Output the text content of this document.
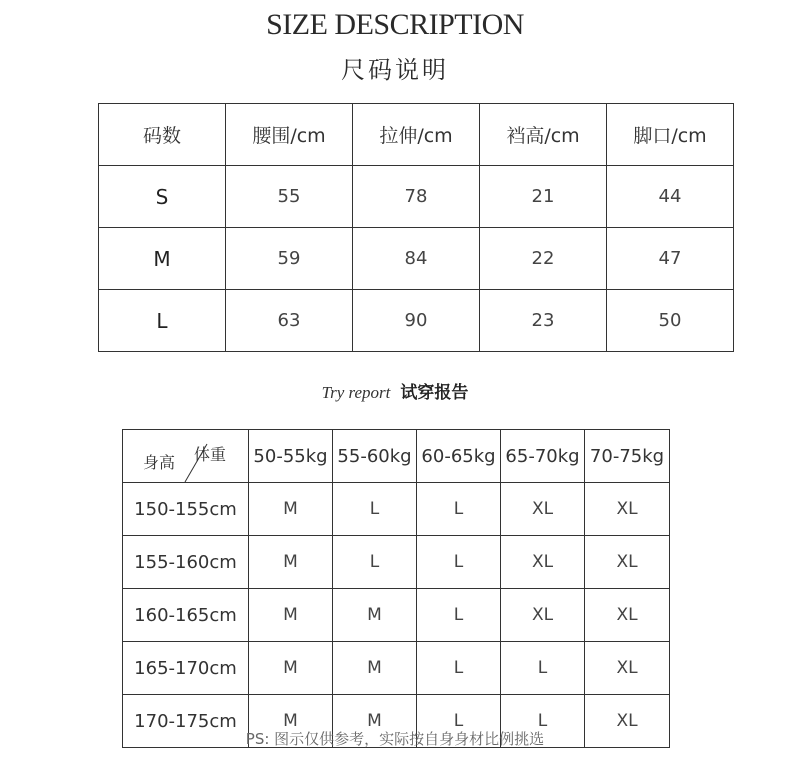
SIZE DESCRIPTION
尺码说明
码数	腰围/cm	拉伸/cm	裆高/cm	脚口/cm
S	55	78	21	44
M	59	84	22	47
L	63	90	23	50
Try report 试穿报告
体重
身高	50-55kg	55-60kg	60-65kg	65-70kg	70-75kg
150-155cm	M	L	L	XL	XL
155-160cm	M	L	L	XL	XL
160-165cm	M	M	L	XL	XL
165-170cm	M	M	L	L	XL
170-175cm	M	M	L	L	XL
PS: 图示仅供参考，实际按自身身材比例挑选
